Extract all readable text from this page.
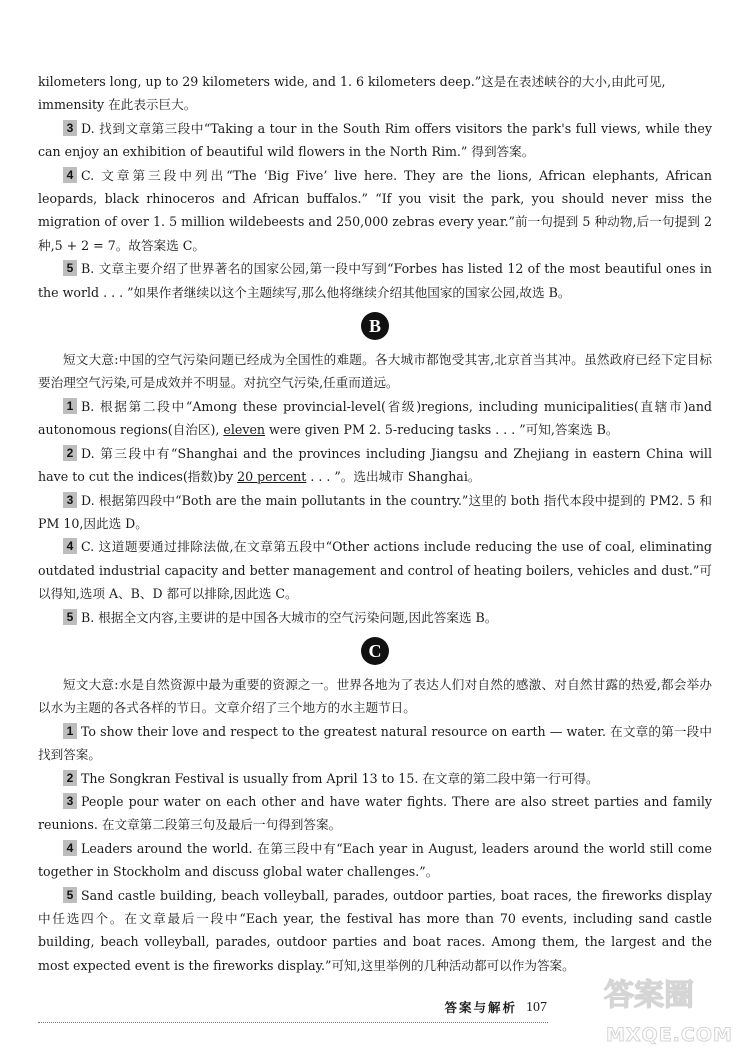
kilometers long, up to 29 kilometers wide, and 1. 6 kilometers deep.”这是在表述峡谷的大小,由此可见,
immensity 在此表示巨大。

3 D. 找到文章第三段中“Taking a tour in the South Rim offers visitors the park's full views, while they can enjoy an exhibition of beautiful wild flowers in the North Rim.” 得到答案。

4 C. 文章第三段中列出“The ‘Big Five’ live here. They are the lions, African elephants, African leopards, black rhinoceros and African buffalos.” “If you visit the park, you should never miss the migration of over 1. 5 million wildebeests and 250,000 zebras every year.”前一句提到 5 种动物,后一句提到 2 种,5 + 2 = 7。故答案选 C。

5 B. 文章主要介绍了世界著名的国家公园,第一段中写到“Forbes has listed 12 of the most beautiful ones in the world . . . ”如果作者继续以这个主题续写,那么他将继续介绍其他国家的国家公园,故选 B。

B

短文大意:中国的空气污染问题已经成为全国性的难题。各大城市都饱受其害,北京首当其冲。虽然政府已经下定目标要治理空气污染,可是成效并不明显。对抗空气污染,任重而道远。

1 B. 根据第二段中“Among these provincial-level(省级)regions, including municipalities(直辖市)and autonomous regions(自治区), eleven were given PM 2. 5-reducing tasks . . . ”可知,答案选 B。

2 D. 第三段中有“Shanghai and the provinces including Jiangsu and Zhejiang in eastern China will have to cut the indices(指数)by 20 percent . . . ”。选出城市 Shanghai。

3 D. 根据第四段中“Both are the main pollutants in the country.”这里的 both 指代本段中提到的 PM2. 5 和 PM 10,因此选 D。

4 C. 这道题要通过排除法做,在文章第五段中“Other actions include reducing the use of coal, eliminating outdated industrial capacity and better management and control of heating boilers, vehicles and dust.”可以得知,选项 A、B、D 都可以排除,因此选 C。

5 B. 根据全文内容,主要讲的是中国各大城市的空气污染问题,因此答案选 B。

C

短文大意:水是自然资源中最为重要的资源之一。世界各地为了表达人们对自然的感激、对自然甘露的热爱,都会举办以水为主题的各式各样的节日。文章介绍了三个地方的水主题节日。

1 To show their love and respect to the greatest natural resource on earth — water. 在文章的第一段中找到答案。

2 The Songkran Festival is usually from April 13 to 15. 在文章的第二段中第一行可得。

3 People pour water on each other and have water fights. There are also street parties and family reunions. 在文章第二段第三句及最后一句得到答案。

4 Leaders around the world. 在第三段中有“Each year in August, leaders around the world still come together in Stockholm and discuss global water challenges.”。

5 Sand castle building, beach volleyball, parades, outdoor parties, boat races, the fireworks display 中任选四个。在文章最后一段中“Each year, the festival has more than 70 events, including sand castle building, beach volleyball, parades, outdoor parties and boat races. Among them, the largest and the most expected event is the fireworks display.”可知,这里举例的几种活动都可以作为答案。

答案与解析 107 答案圈
MXQE.COM
